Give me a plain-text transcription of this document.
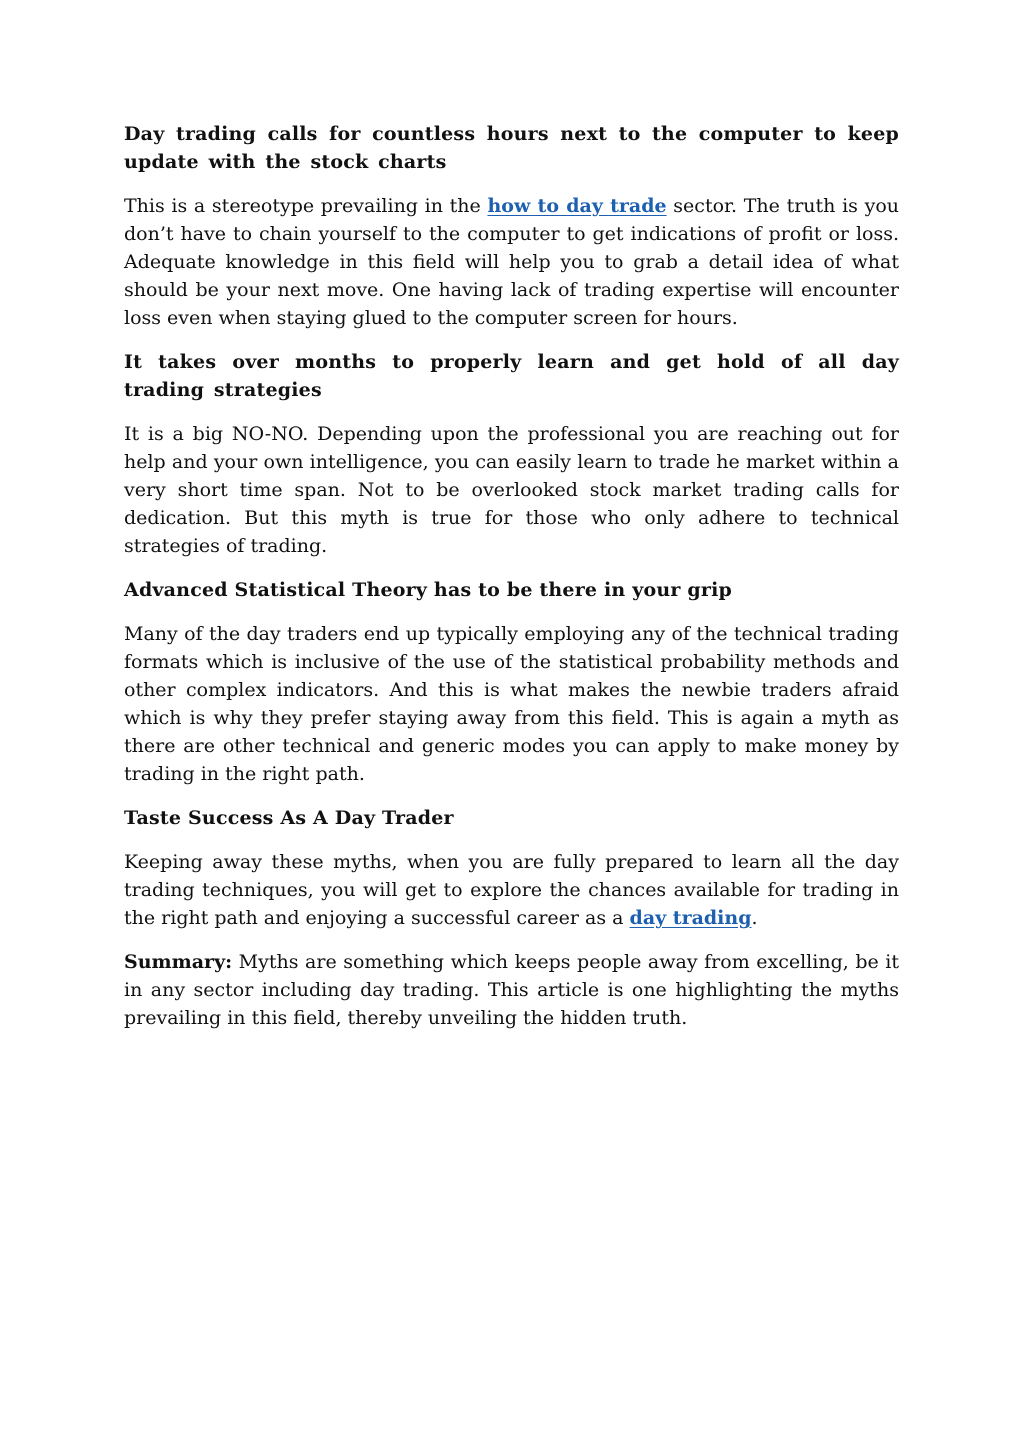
Day trading calls for countless hours next to the computer to keep update with the stock charts

This is a stereotype prevailing in the how to day trade sector. The truth is you don’t have to chain yourself to the computer to get indications of profit or loss. Adequate knowledge in this field will help you to grab a detail idea of what should be your next move. One having lack of trading expertise will encounter loss even when staying glued to the computer screen for hours.

It takes over months to properly learn and get hold of all day trading strategies

It is a big NO-NO. Depending upon the professional you are reaching out for help and your own intelligence, you can easily learn to trade he market within a very short time span. Not to be overlooked stock market trading calls for dedication. But this myth is true for those who only adhere to technical strategies of trading.

Advanced Statistical Theory has to be there in your grip

Many of the day traders end up typically employing any of the technical trading formats which is inclusive of the use of the statistical probability methods and other complex indicators. And this is what makes the newbie traders afraid which is why they prefer staying away from this field. This is again a myth as there are other technical and generic modes you can apply to make money by trading in the right path.

Taste Success As A Day Trader

Keeping away these myths, when you are fully prepared to learn all the day trading techniques, you will get to explore the chances available for trading in the right path and enjoying a successful career as a day trading.

Summary: Myths are something which keeps people away from excelling, be it in any sector including day trading. This article is one highlighting the myths prevailing in this field, thereby unveiling the hidden truth.
